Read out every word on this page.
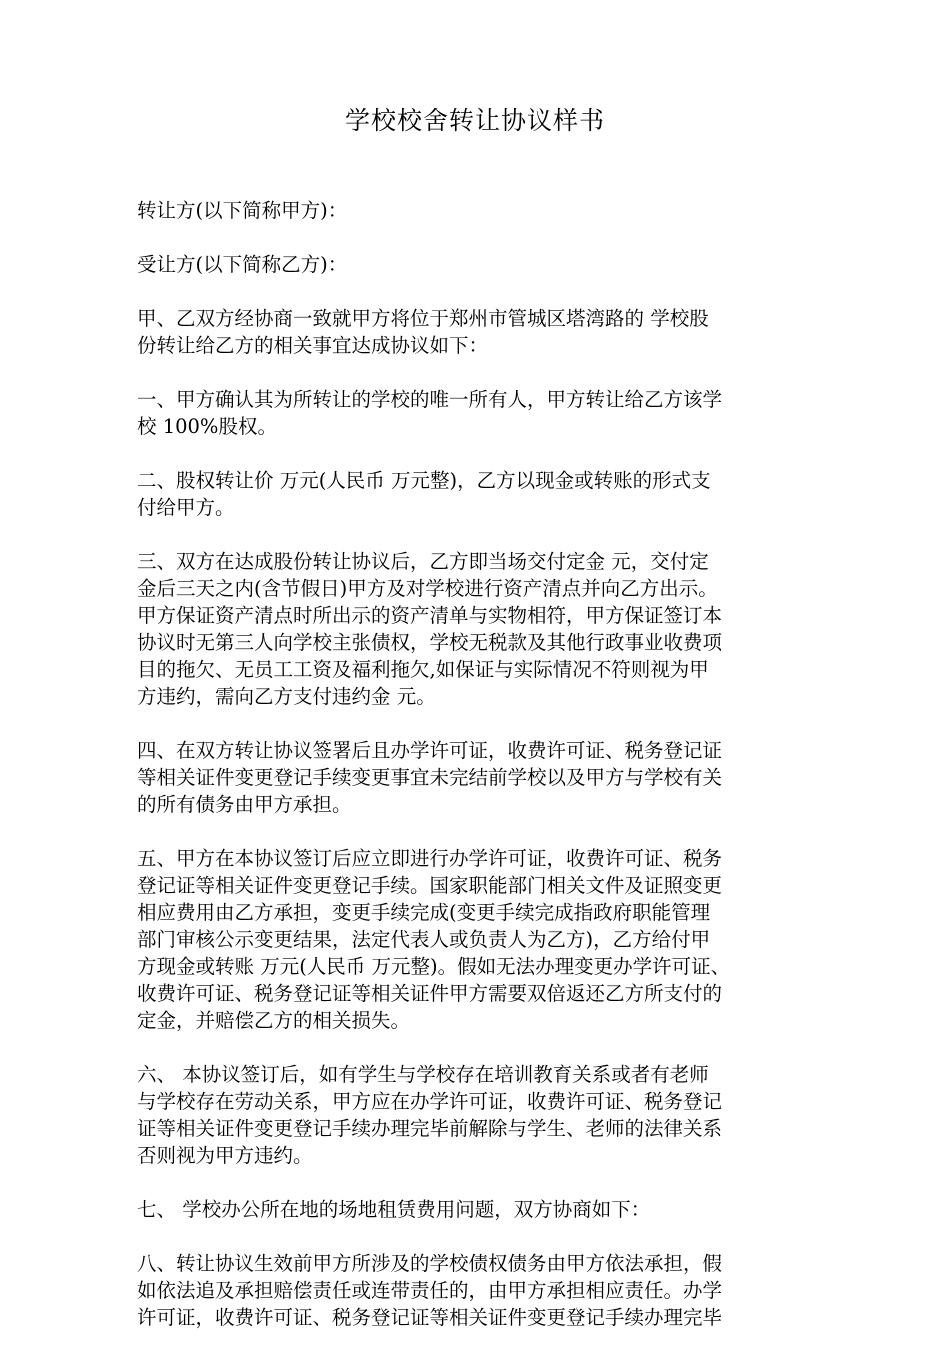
学校校舍转让协议样书
转让方(以下简称甲方)：
受让方(以下简称乙方)：
甲、乙双方经协商一致就甲方将位于郑州市管城区塔湾路的 学校股
份转让给乙方的相关事宜达成协议如下：
一、甲方确认其为所转让的学校的唯一所有人，甲方转让给乙方该学
校 100%股权。
二、股权转让价 万元(人民币 万元整)，乙方以现金或转账的形式支
付给甲方。
三、双方在达成股份转让协议后，乙方即当场交付定金 元，交付定
金后三天之内(含节假日)甲方及对学校进行资产清点并向乙方出示。
甲方保证资产清点时所出示的资产清单与实物相符，甲方保证签订本
协议时无第三人向学校主张债权，学校无税款及其他行政事业收费项
目的拖欠、无员工工资及福利拖欠,如保证与实际情况不符则视为甲
方违约，需向乙方支付违约金 元。
四、在双方转让协议签署后且办学许可证，收费许可证、税务登记证
等相关证件变更登记手续变更事宜未完结前学校以及甲方与学校有关
的所有债务由甲方承担。
五、甲方在本协议签订后应立即进行办学许可证，收费许可证、税务
登记证等相关证件变更登记手续。国家职能部门相关文件及证照变更
相应费用由乙方承担，变更手续完成(变更手续完成指政府职能管理
部门审核公示变更结果，法定代表人或负责人为乙方)，乙方给付甲
方现金或转账 万元(人民币 万元整)。假如无法办理变更办学许可证、
收费许可证、税务登记证等相关证件甲方需要双倍返还乙方所支付的
定金，并赔偿乙方的相关损失。
六、 本协议签订后，如有学生与学校存在培训教育关系或者有老师
与学校存在劳动关系，甲方应在办学许可证，收费许可证、税务登记
证等相关证件变更登记手续办理完毕前解除与学生、老师的法律关系
否则视为甲方违约。
七、 学校办公所在地的场地租赁费用问题，双方协商如下：
八、转让协议生效前甲方所涉及的学校债权债务由甲方依法承担，假
如依法追及承担赔偿责任或连带责任的，由甲方承担相应责任。办学
许可证，收费许可证、税务登记证等相关证件变更登记手续办理完毕
